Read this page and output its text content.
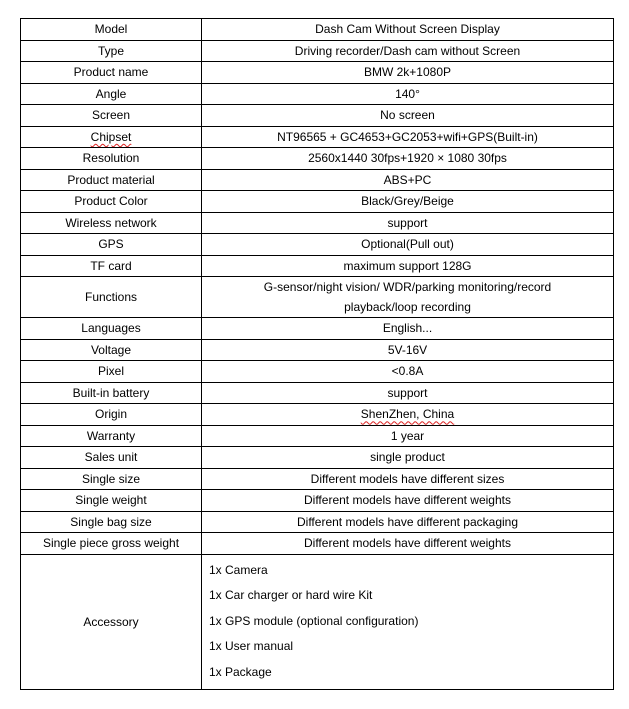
Model	Dash Cam Without Screen Display
Type	Driving recorder/Dash cam without Screen
Product name	BMW 2k+1080P
Angle	140°
Screen	No screen
Chipset	NT96565 + GC4653+GC2053+wifi+GPS(Built-in)
Resolution	2560x1440 30fps+1920 × 1080 30fps
Product material	ABS+PC
Product Color	Black/Grey/Beige
Wireless network	support
GPS	Optional(Pull out)
TF card	maximum support 128G
Functions	G-sensor/night vision/ WDR/parking monitoring/record
playback/loop recording

Languages	English...
Voltage	5V-16V
Pixel	<0.8A
Built-in battery	support
Origin	ShenZhen, China
Warranty	1 year
Sales unit	single product
Single size	Different models have different sizes
Single weight	Different models have different weights
Single bag size	Different models have different packaging
Single piece gross weight	Different models have different weights
Accessory	1x Camera
1x Car charger or hard wire Kit
1x GPS module (optional configuration)
1x User manual
1x Package
